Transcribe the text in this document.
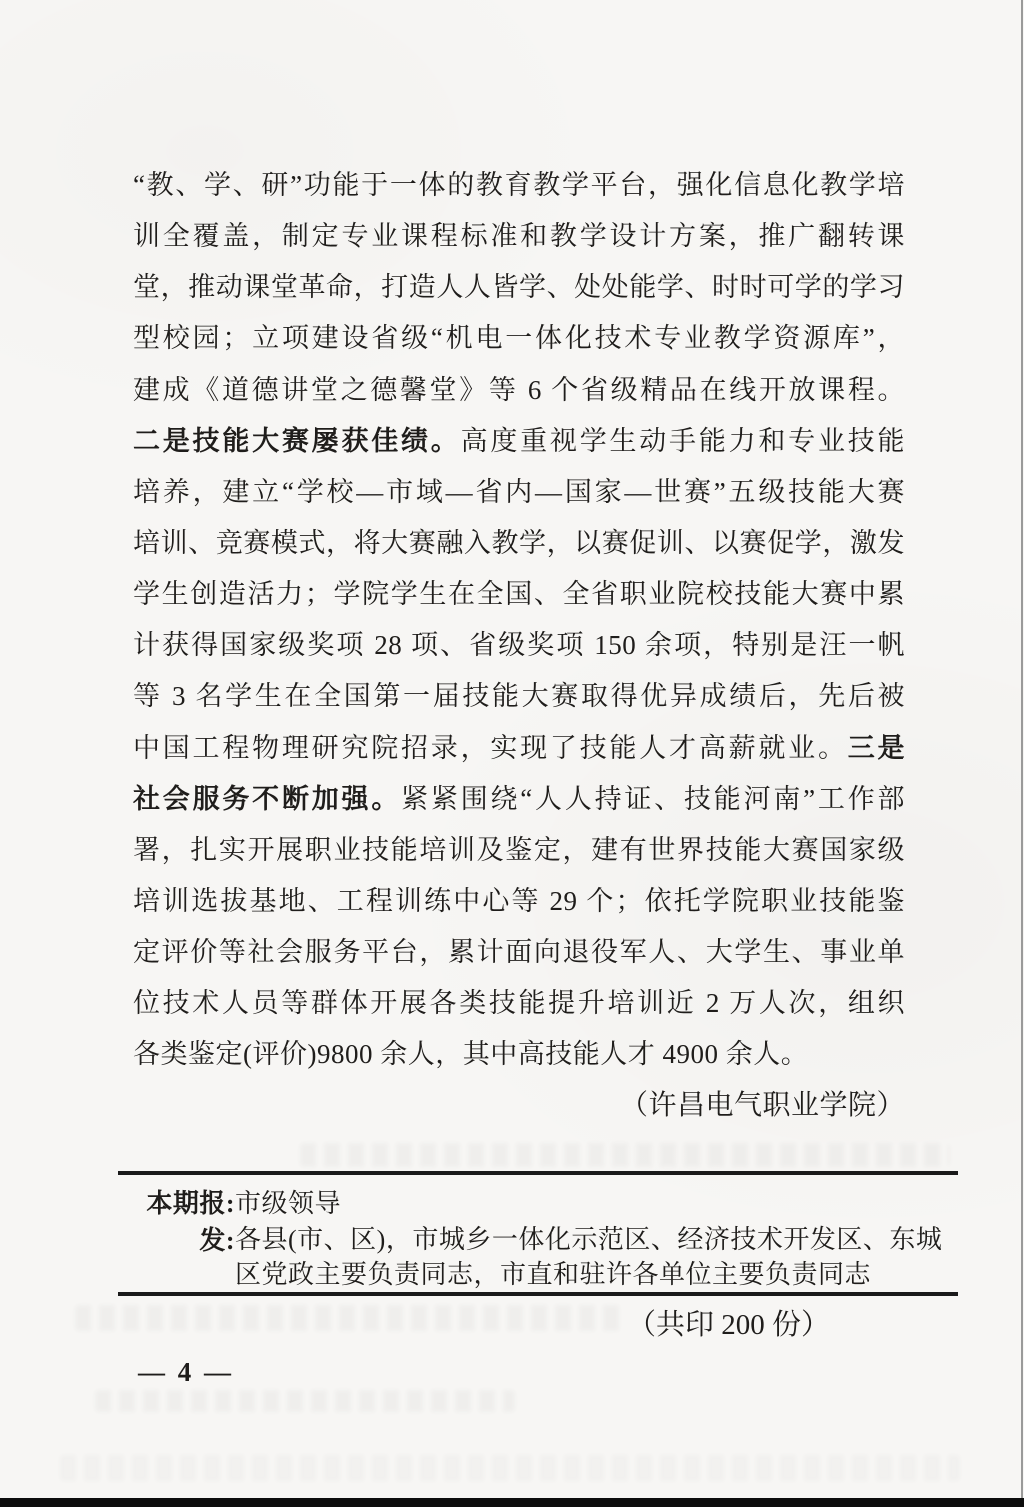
“教、学、研”功能于一体的教育教学平台，强化信息化教学培
训全覆盖，制定专业课程标准和教学设计方案，推广翻转课
堂，推动课堂革命，打造人人皆学、处处能学、时时可学的学习
型校园；立项建设省级“机电一体化技术专业教学资源库”，
建成《道德讲堂之德馨堂》等 6 个省级精品在线开放课程。
二是技能大赛屡获佳绩。高度重视学生动手能力和专业技能
培养，建立“学校—市域—省内—国家—世赛”五级技能大赛
培训、竞赛模式，将大赛融入教学，以赛促训、以赛促学，激发
学生创造活力；学院学生在全国、全省职业院校技能大赛中累
计获得国家级奖项 28 项、省级奖项 150 余项，特别是汪一帆
等 3 名学生在全国第一届技能大赛取得优异成绩后，先后被
中国工程物理研究院招录，实现了技能人才高薪就业。三是
社会服务不断加强。紧紧围绕“人人持证、技能河南”工作部
署，扎实开展职业技能培训及鉴定，建有世界技能大赛国家级
培训选拔基地、工程训练中心等 29 个；依托学院职业技能鉴
定评价等社会服务平台，累计面向退役军人、大学生、事业单
位技术人员等群体开展各类技能提升培训近 2 万人次，组织
各类鉴定(评价)9800 余人，其中高技能人才 4900 余人。
（许昌电气职业学院）
本期报: 市级领导
发: 各县(市、区)，市城乡一体化示范区、经济技术开发区、东城
区党政主要负责同志，市直和驻许各单位主要负责同志
（共印 200 份）
— 4 —
